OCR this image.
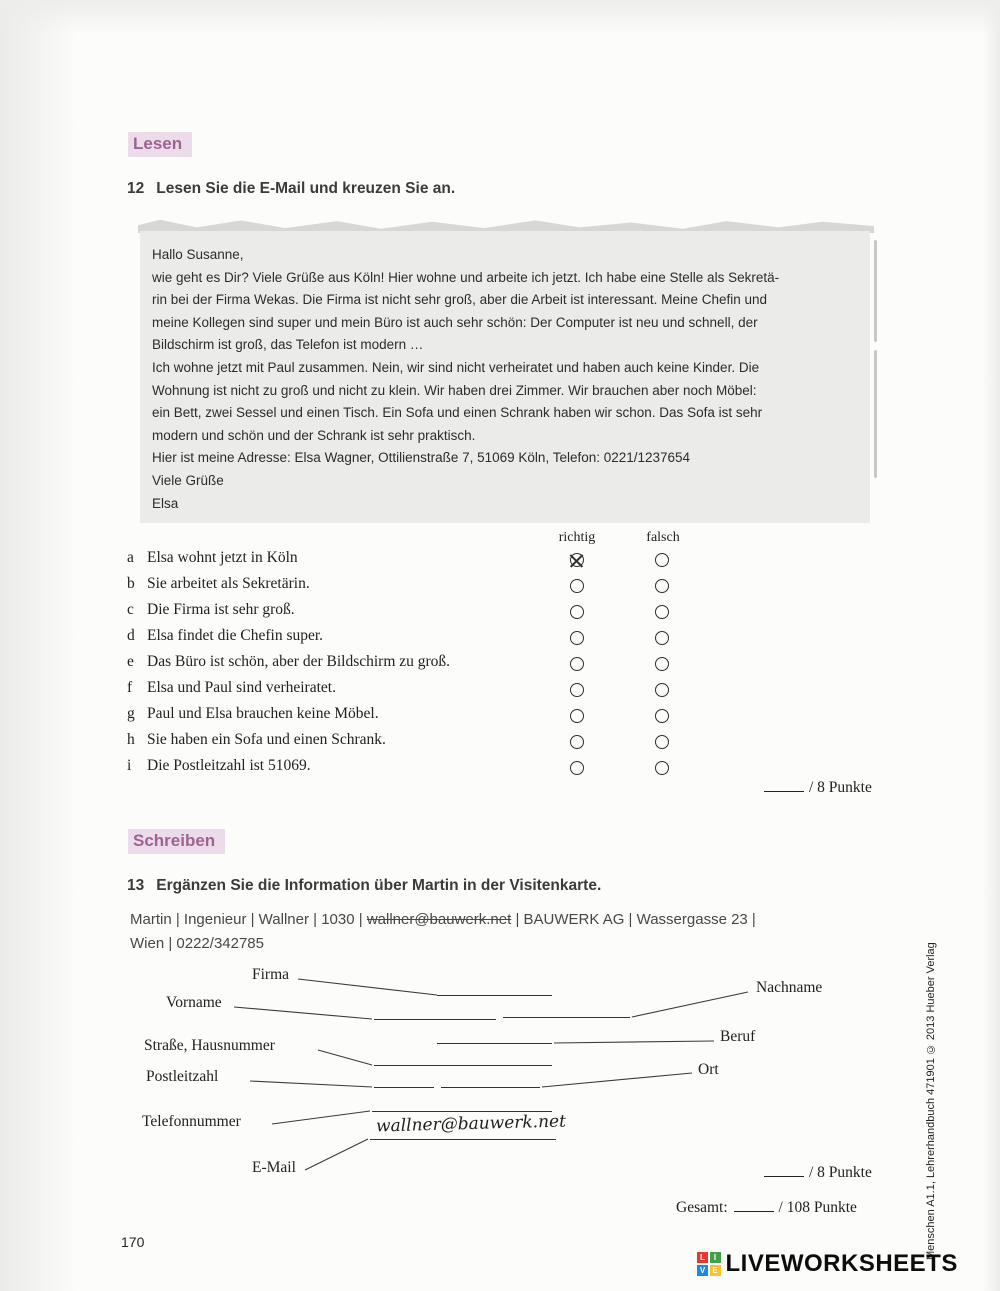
Lesen
12 Lesen Sie die E-Mail und kreuzen Sie an.
Hallo Susanne,
wie geht es Dir? Viele Grüße aus Köln! Hier wohne und arbeite ich jetzt. Ich habe eine Stelle als Sekretä-
rin bei der Firma Wekas. Die Firma ist nicht sehr groß, aber die Arbeit ist interessant. Meine Chefin und
meine Kollegen sind super und mein Büro ist auch sehr schön: Der Computer ist neu und schnell, der
Bildschirm ist groß, das Telefon ist modern …
Ich wohne jetzt mit Paul zusammen. Nein, wir sind nicht verheiratet und haben auch keine Kinder. Die
Wohnung ist nicht zu groß und nicht zu klein. Wir haben drei Zimmer. Wir brauchen aber noch Möbel:
ein Bett, zwei Sessel und einen Tisch. Ein Sofa und einen Schrank haben wir schon. Das Sofa ist sehr
modern und schön und der Schrank ist sehr praktisch.
Hier ist meine Adresse: Elsa Wagner, Ottilienstraße 7, 51069 Köln, Telefon: 0221/1237654
Viele Grüße
Elsa
richtig	falsch
a Elsa wohnt jetzt in Köln
b Sie arbeitet als Sekretärin.
c Die Firma ist sehr groß.
d Elsa findet die Chefin super.
e Das Büro ist schön, aber der Bildschirm zu groß.
f Elsa und Paul sind verheiratet.
g Paul und Elsa brauchen keine Möbel.
h Sie haben ein Sofa und einen Schrank.
i Die Postleitzahl ist 51069.
/ 8 Punkte
Schreiben
13 Ergänzen Sie die Information über Martin in der Visitenkarte.
Martin | Ingenieur | Wallner | 1030 | wallner@bauwerk.net | BAUWERK AG | Wassergasse 23 |
Wien | 0222/342785
Firma
Vorname
Straße, Hausnummer
Postleitzahl
Telefonnummer
E-Mail
Nachname
Beruf
Ort
wallner@bauwerk.net
/ 8 Punkte
Gesamt:	/ 108 Punkte
170	Menschen A1.1, Lehrerhandbuch 471901 © 2013 Hueber Verlag
L	I
V E LIVEWORKSHEETS
